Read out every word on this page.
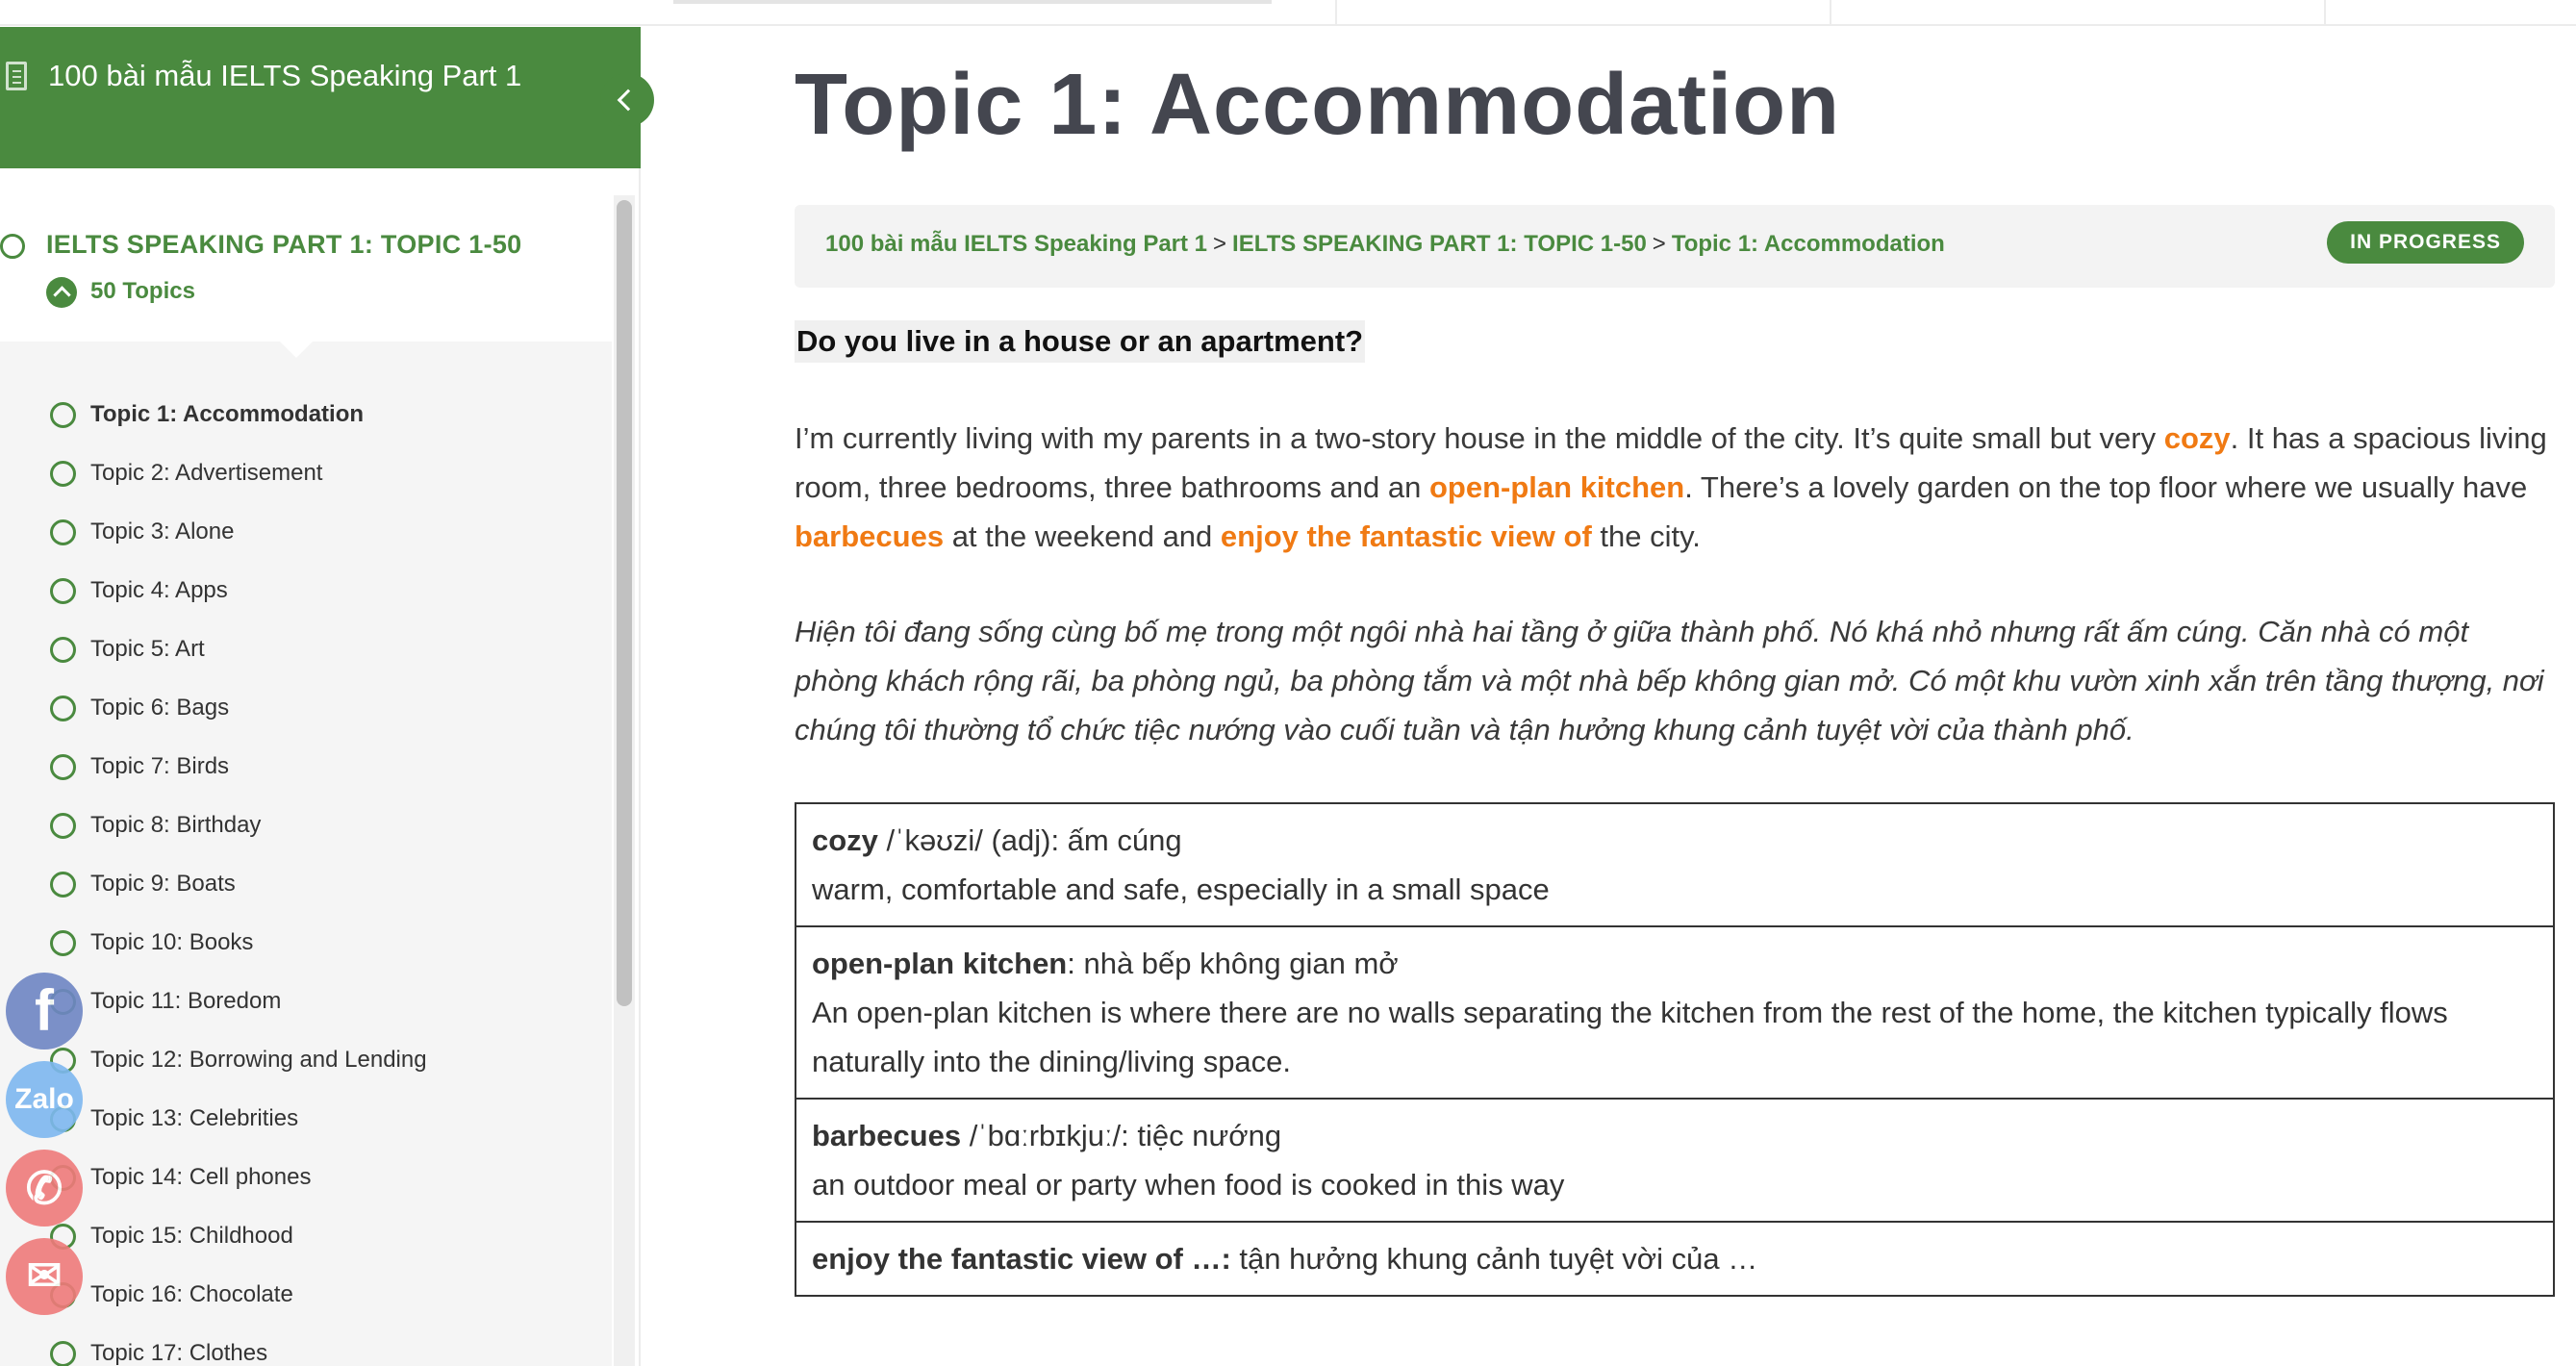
100 bài mẫu IELTS Speaking Part 1
IELTS SPEAKING PART 1: TOPIC 1-50
50 Topics
Topic 1: Accommodation
Topic 2: Advertisement
Topic 3: Alone
Topic 4: Apps
Topic 5: Art
Topic 6: Bags
Topic 7: Birds
Topic 8: Birthday
Topic 9: Boats
Topic 10: Books
Topic 11: Boredom
Topic 12: Borrowing and Lending
Topic 13: Celebrities
Topic 14: Cell phones
Topic 15: Childhood
Topic 16: Chocolate
Topic 17: Clothes
f
Zalo
✆
✉
Topic 1: Accommodation
100 bài mẫu IELTS Speaking Part 1 > IELTS SPEAKING PART 1: TOPIC 1-50 > Topic 1: Accommodation	IN PROGRESS
Do you live in a house or an apartment?

I’m currently living with my parents in a two-story house in the middle of the city. It’s quite small but very cozy. It has a spacious living room, three bedrooms, three bathrooms and an open-plan kitchen. There’s a lovely garden on the top floor where we usually have barbecues at the weekend and enjoy the fantastic view of the city.

Hiện tôi đang sống cùng bố mẹ trong một ngôi nhà hai tầng ở giữa thành phố. Nó khá nhỏ nhưng rất ấm cúng. Căn nhà có một phòng khách rộng rãi, ba phòng ngủ, ba phòng tắm và một nhà bếp không gian mở. Có một khu vườn xinh xắn trên tầng thượng, nơi chúng tôi thường tổ chức tiệc nướng vào cuối tuần và tận hưởng khung cảnh tuyệt vời của thành phố.

cozy /ˈkəʊzi/ (adj): ấm cúng
warm, comfortable and safe, especially in a small space
open-plan kitchen: nhà bếp không gian mở
An open-plan kitchen is where there are no walls separating the kitchen from the rest of the home, the kitchen typically flows naturally into the dining/living space.
barbecues /ˈbɑːrbɪkjuː/: tiệc nướng
an outdoor meal or party when food is cooked in this way
enjoy the fantastic view of …: tận hưởng khung cảnh tuyệt vời của …
